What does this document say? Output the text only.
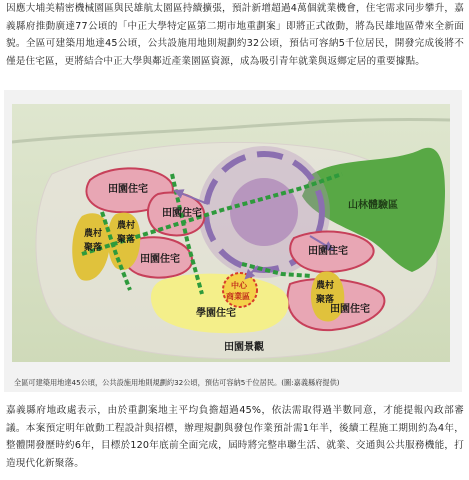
因應大埔美精密機械園區與民雄航太園區持續擴張，預計新增超過4萬個就業機會，住宅需求同步攀升，嘉義縣府推動廣達77公頃的「中正大學特定區第二期市地重劃案」即將正式啟動，將為民雄地區帶來全新面貌。全區可建築用地達45公頃，公共設施用地則規劃約32公頃，預估可容納5千位居民，開發完成後將不僅是住宅區，更將結合中正大學與鄰近產業園區資源，成為吸引青年就業與返鄉定居的重要據點。

山林體驗區
田園住宅
田園住宅
田園住宅
田園住宅
田園住宅
農村
聚落
農村
聚落
農村
聚落
中心
商業區
學園住宅
田園景觀
全區可建築用地達45公頃，公共設施用地則規劃約32公頃，預估可容納5千位居民。(圖:嘉義縣府提供)

嘉義縣府地政處表示，由於重劃案地主平均負擔超過45%，依法需取得過半數同意，才能提報內政部審議。本案預定明年啟動工程設計與招標，辦理規劃與發包作業預計需1年半，後續工程施工期則約為4年，整體開發歷時約6年，目標於120年底前全面完成，屆時將完整串聯生活、就業、交通與公共服務機能，打造現代化新聚落。
